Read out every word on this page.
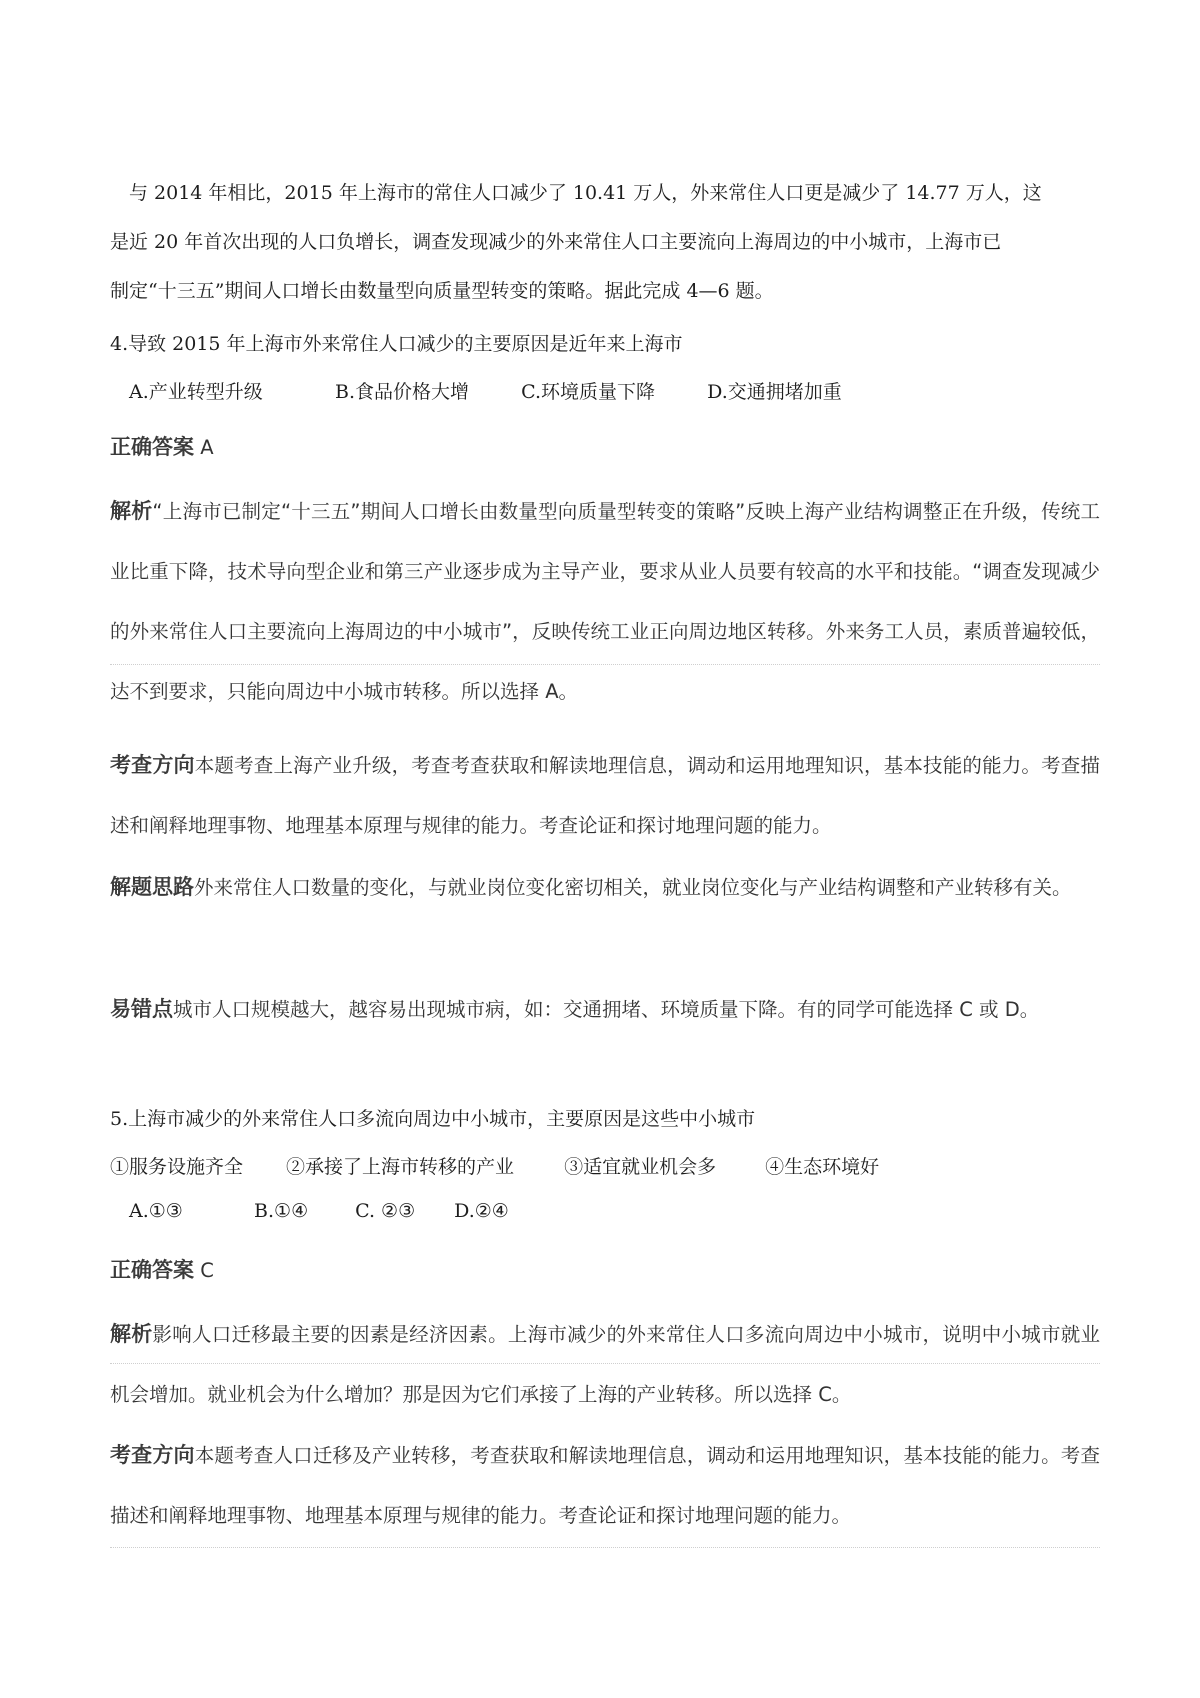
与 2014 年相比，2015 年上海市的常住人口减少了 10.41 万人，外来常住人口更是减少了 14.77 万人，这

是近 20 年首次出现的人口负增长，调查发现减少的外来常住人口主要流向上海周边的中小城市，上海市已

制定“十三五”期间人口增长由数量型向质量型转变的策略。据此完成 4—6 题。

4.导致 2015 年上海市外来常住人口减少的主要原因是近年来上海市
A.产业转型升级	B.食品价格大增	C.环境质量下降	D.交通拥堵加重
正确答案 A

解析“上海市已制定“十三五”期间人口增长由数量型向质量型转变的策略”反映上海产业结构调整正在升级，传统工业比重下降，技术导向型企业和第三产业逐步成为主导产业，要求从业人员要有较高的水平和技能。“调查发现减少的外来常住人口主要流向上海周边的中小城市”，反映传统工业正向周边地区转移。外来务工人员，素质普遍较低，达不到要求，只能向周边中小城市转移。所以选择 A。

考查方向本题考查上海产业升级，考查考查获取和解读地理信息，调动和运用地理知识，基本技能的能力。考查描述和阐释地理事物、地理基本原理与规律的能力。考查论证和探讨地理问题的能力。

解题思路外来常住人口数量的变化，与就业岗位变化密切相关，就业岗位变化与产业结构调整和产业转移有关。

易错点城市人口规模越大，越容易出现城市病，如：交通拥堵、环境质量下降。有的同学可能选择 C 或 D。

5.上海市减少的外来常住人口多流向周边中小城市，主要原因是这些中小城市
①服务设施齐全 ②承接了上海市转移的产业	③适宜就业机会多	④生态环境好
A.①③	B.①④ C. ②③ D.②④
正确答案 C

解析影响人口迁移最主要的因素是经济因素。上海市减少的外来常住人口多流向周边中小城市，说明中小城市就业机会增加。就业机会为什么增加？那是因为它们承接了上海的产业转移。所以选择 C。

考查方向本题考查人口迁移及产业转移，考查获取和解读地理信息，调动和运用地理知识，基本技能的能力。考查描述和阐释地理事物、地理基本原理与规律的能力。考查论证和探讨地理问题的能力。
